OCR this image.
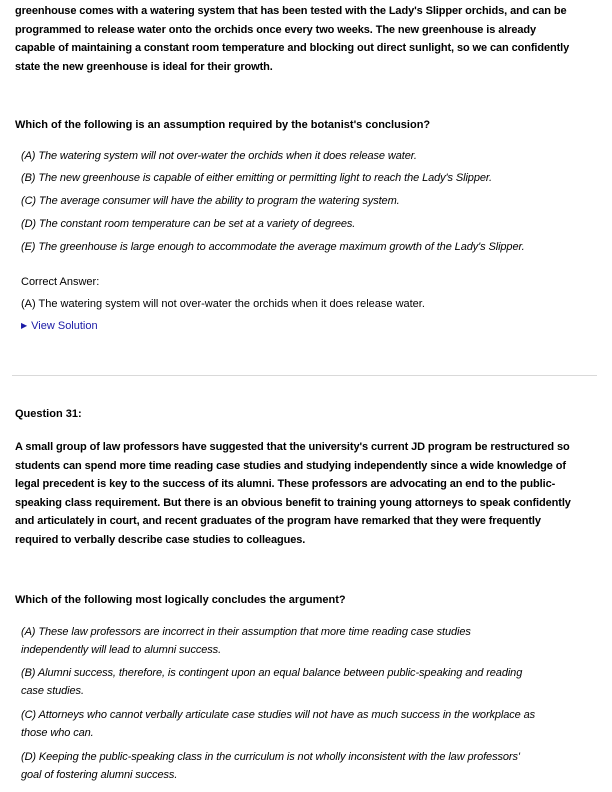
greenhouse comes with a watering system that has been tested with the Lady's Slipper orchids, and can be
programmed to release water onto the orchids once every two weeks. The new greenhouse is already
capable of maintaining a constant room temperature and blocking out direct sunlight, so we can confidently
state the new greenhouse is ideal for their growth.
Which of the following is an assumption required by the botanist's conclusion?
(A) The watering system will not over-water the orchids when it does release water.
(B) The new greenhouse is capable of either emitting or permitting light to reach the Lady's Slipper.
(C) The average consumer will have the ability to program the watering system.
(D) The constant room temperature can be set at a variety of degrees.
(E) The greenhouse is large enough to accommodate the average maximum growth of the Lady's Slipper.
Correct Answer:
(A) The watering system will not over-water the orchids when it does release water.
▶ View Solution
Question 31:
A small group of law professors have suggested that the university's current JD program be restructured so
students can spend more time reading case studies and studying independently since a wide knowledge of
legal precedent is key to the success of its alumni. These professors are advocating an end to the public-
speaking class requirement. But there is an obvious benefit to training young attorneys to speak confidently
and articulately in court, and recent graduates of the program have remarked that they were frequently
required to verbally describe case studies to colleagues.
Which of the following most logically concludes the argument?
(A) These law professors are incorrect in their assumption that more time reading case studies
independently will lead to alumni success.
(B) Alumni success, therefore, is contingent upon an equal balance between public-speaking and reading
case studies.
(C) Attorneys who cannot verbally articulate case studies will not have as much success in the workplace as
those who can.
(D) Keeping the public-speaking class in the curriculum is not wholly inconsistent with the law professors'
goal of fostering alumni success.
